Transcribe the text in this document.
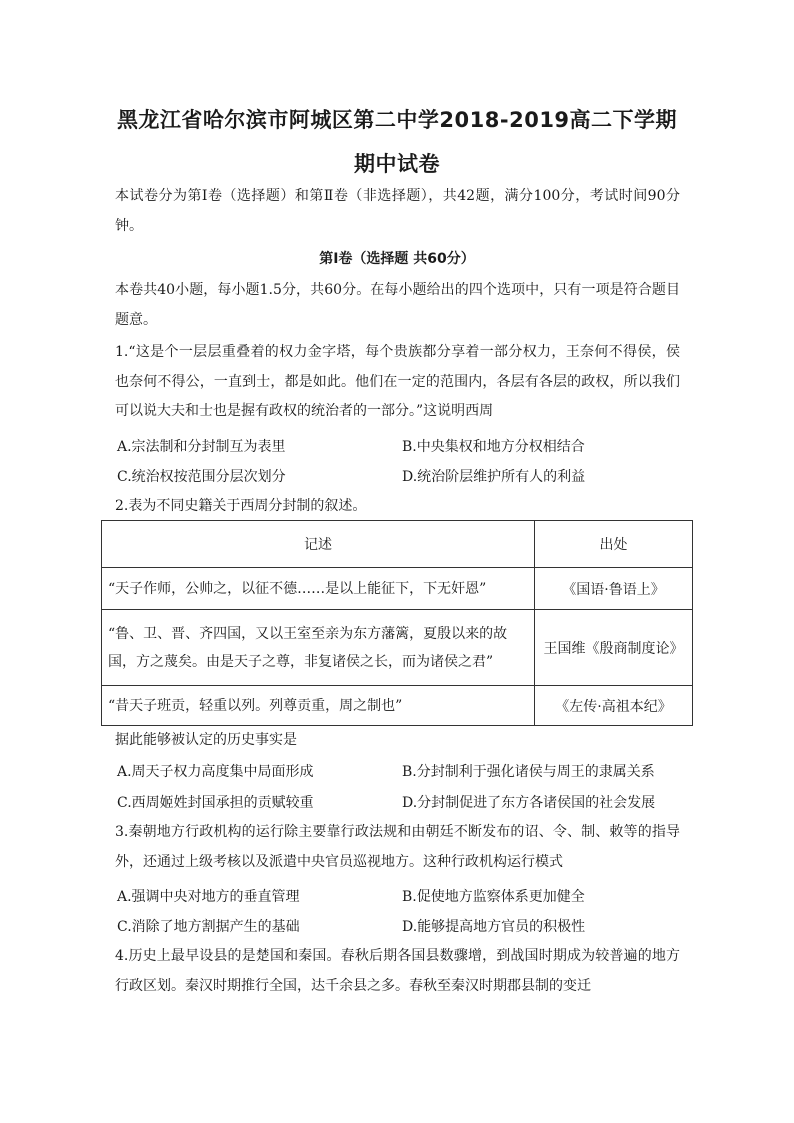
黑龙江省哈尔滨市阿城区第二中学2018-2019高二下学期
期中试卷

本试卷分为第Ⅰ卷（选择题）和第Ⅱ卷（非选择题），共42题，满分100分，考试时间90分钟。

第Ⅰ卷（选择题 共60分）

本卷共40小题，每小题1.5分，共60分。在每小题给出的四个选项中，只有一项是符合题目题意。

1.“这是个一层层重叠着的权力金字塔，每个贵族都分享着一部分权力，王奈何不得侯，侯也奈何不得公，一直到士，都是如此。他们在一定的范围内，各层有各层的政权，所以我们可以说大夫和士也是握有政权的统治者的一部分。”这说明西周

A.宗法制和分封制互为表里	B.中央集权和地方分权相结合
C.统治权按范围分层次划分	D.统治阶层维护所有人的利益

2.表为不同史籍关于西周分封制的叙述。

记述	出处
“天子作师，公帅之，以征不德……是以上能征下，下无奸恩”	《国语·鲁语上》
“鲁、卫、晋、齐四国，又以王室至亲为东方藩篱，夏殷以来的故国，方之蔑矣。由是天子之尊，非复诸侯之长，而为诸侯之君”	王国维《殷商制度论》
“昔天子班贡，轻重以列。列尊贡重，周之制也”	《左传·高祖本纪》

据此能够被认定的历史事实是

A.周天子权力高度集中局面形成	B.分封制利于强化诸侯与周王的隶属关系
C.西周姬姓封国承担的贡赋较重	D.分封制促进了东方各诸侯国的社会发展

3.秦朝地方行政机构的运行除主要靠行政法规和由朝廷不断发布的诏、令、制、敕等的指导外，还通过上级考核以及派遣中央官员巡视地方。这种行政机构运行模式

A.强调中央对地方的垂直管理	B.促使地方监察体系更加健全
C.消除了地方割据产生的基础	D.能够提高地方官员的积极性

4.历史上最早设县的是楚国和秦国。春秋后期各国县数骤增，到战国时期成为较普遍的地方行政区划。秦汉时期推行全国，达千余县之多。春秋至秦汉时期郡县制的变迁
